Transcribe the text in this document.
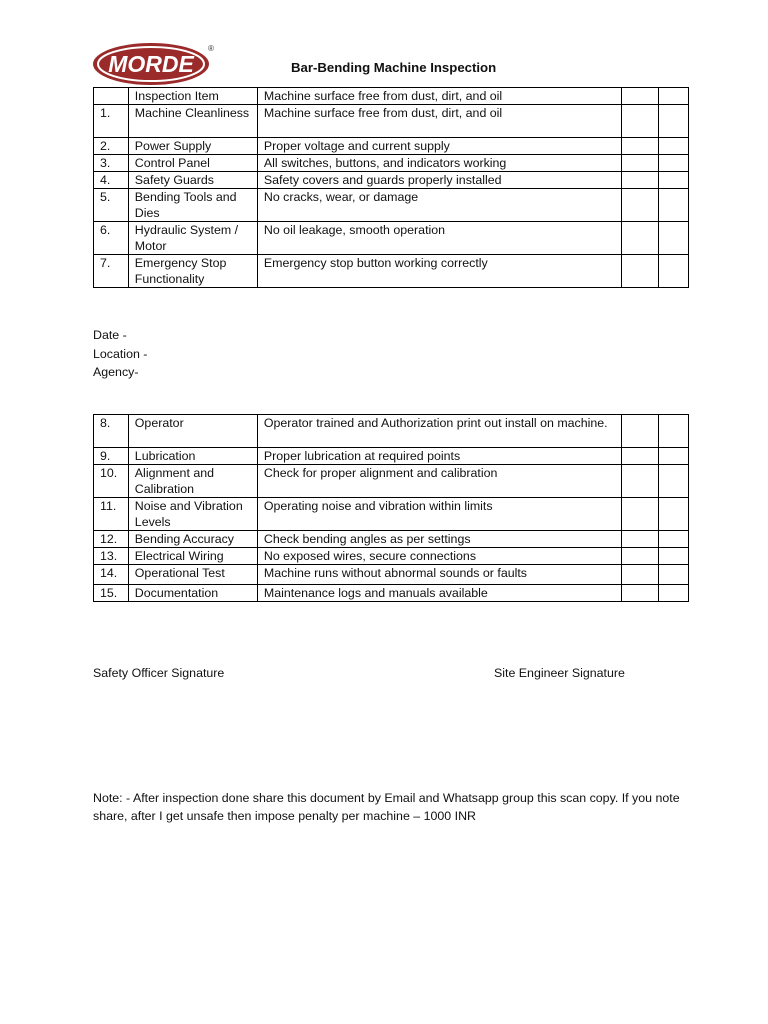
MORDE
®
Bar-Bending Machine Inspection
	Inspection Item	Machine surface free from dust, dirt, and oil		
1.	Machine Cleanliness	Machine surface free from dust, dirt, and oil		
2.	Power Supply	Proper voltage and current supply		
3.	Control Panel	All switches, buttons, and indicators working		
4.	Safety Guards	Safety covers and guards properly installed		
5.	Bending Tools and Dies	No cracks, wear, or damage		
6.	Hydraulic System / Motor	No oil leakage, smooth operation		
7.	Emergency Stop Functionality	Emergency stop button working correctly		
Date -
Location -
Agency-
8.	Operator	Operator trained and Authorization print out install on machine.		
9.	Lubrication	Proper lubrication at required points		
10.	Alignment and Calibration	Check for proper alignment and calibration		
11.	Noise and Vibration Levels	Operating noise and vibration within limits		
12.	Bending Accuracy	Check bending angles as per settings		
13.	Electrical Wiring	No exposed wires, secure connections		
14.	Operational Test	Machine runs without abnormal sounds or faults		
15.	Documentation	Maintenance logs and manuals available		
Safety Officer Signature	Site Engineer Signature
Note: - After inspection done share this document by Email and Whatsapp group this scan copy. If you note share, after I get unsafe then impose penalty per machine – 1000 INR
